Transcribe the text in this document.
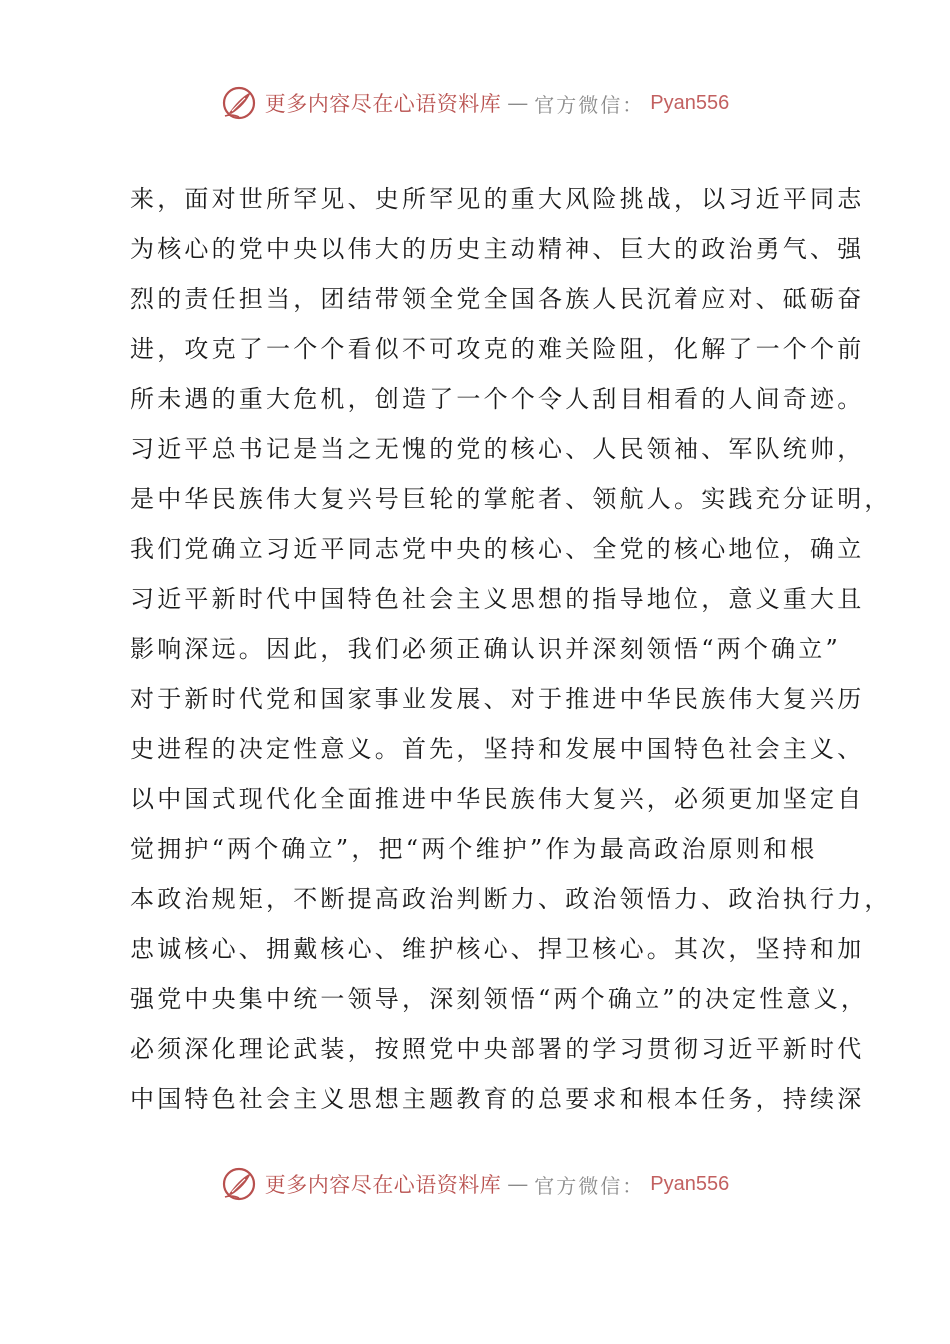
更多内容尽在心语资料库 — 官方微信： Pyan556
来，面对世所罕见、史所罕见的重大风险挑战，以习近平同志
为核心的党中央以伟大的历史主动精神、巨大的政治勇气、强
烈的责任担当，团结带领全党全国各族人民沉着应对、砥砺奋
进，攻克了一个个看似不可攻克的难关险阻，化解了一个个前
所未遇的重大危机，创造了一个个令人刮目相看的人间奇迹。
习近平总书记是当之无愧的党的核心、人民领袖、军队统帅，
是中华民族伟大复兴号巨轮的掌舵者、领航人。实践充分证明，
我们党确立习近平同志党中央的核心、全党的核心地位，确立
习近平新时代中国特色社会主义思想的指导地位，意义重大且
影响深远。因此，我们必须正确认识并深刻领悟“两个确立”
对于新时代党和国家事业发展、对于推进中华民族伟大复兴历
史进程的决定性意义。首先，坚持和发展中国特色社会主义、
以中国式现代化全面推进中华民族伟大复兴，必须更加坚定自
觉拥护“两个确立”，把“两个维护”作为最高政治原则和根
本政治规矩，不断提高政治判断力、政治领悟力、政治执行力，
忠诚核心、拥戴核心、维护核心、捍卫核心。其次，坚持和加
强党中央集中统一领导，深刻领悟“两个确立”的决定性意义，
必须深化理论武装，按照党中央部署的学习贯彻习近平新时代
中国特色社会主义思想主题教育的总要求和根本任务，持续深
更多内容尽在心语资料库 — 官方微信： Pyan556
